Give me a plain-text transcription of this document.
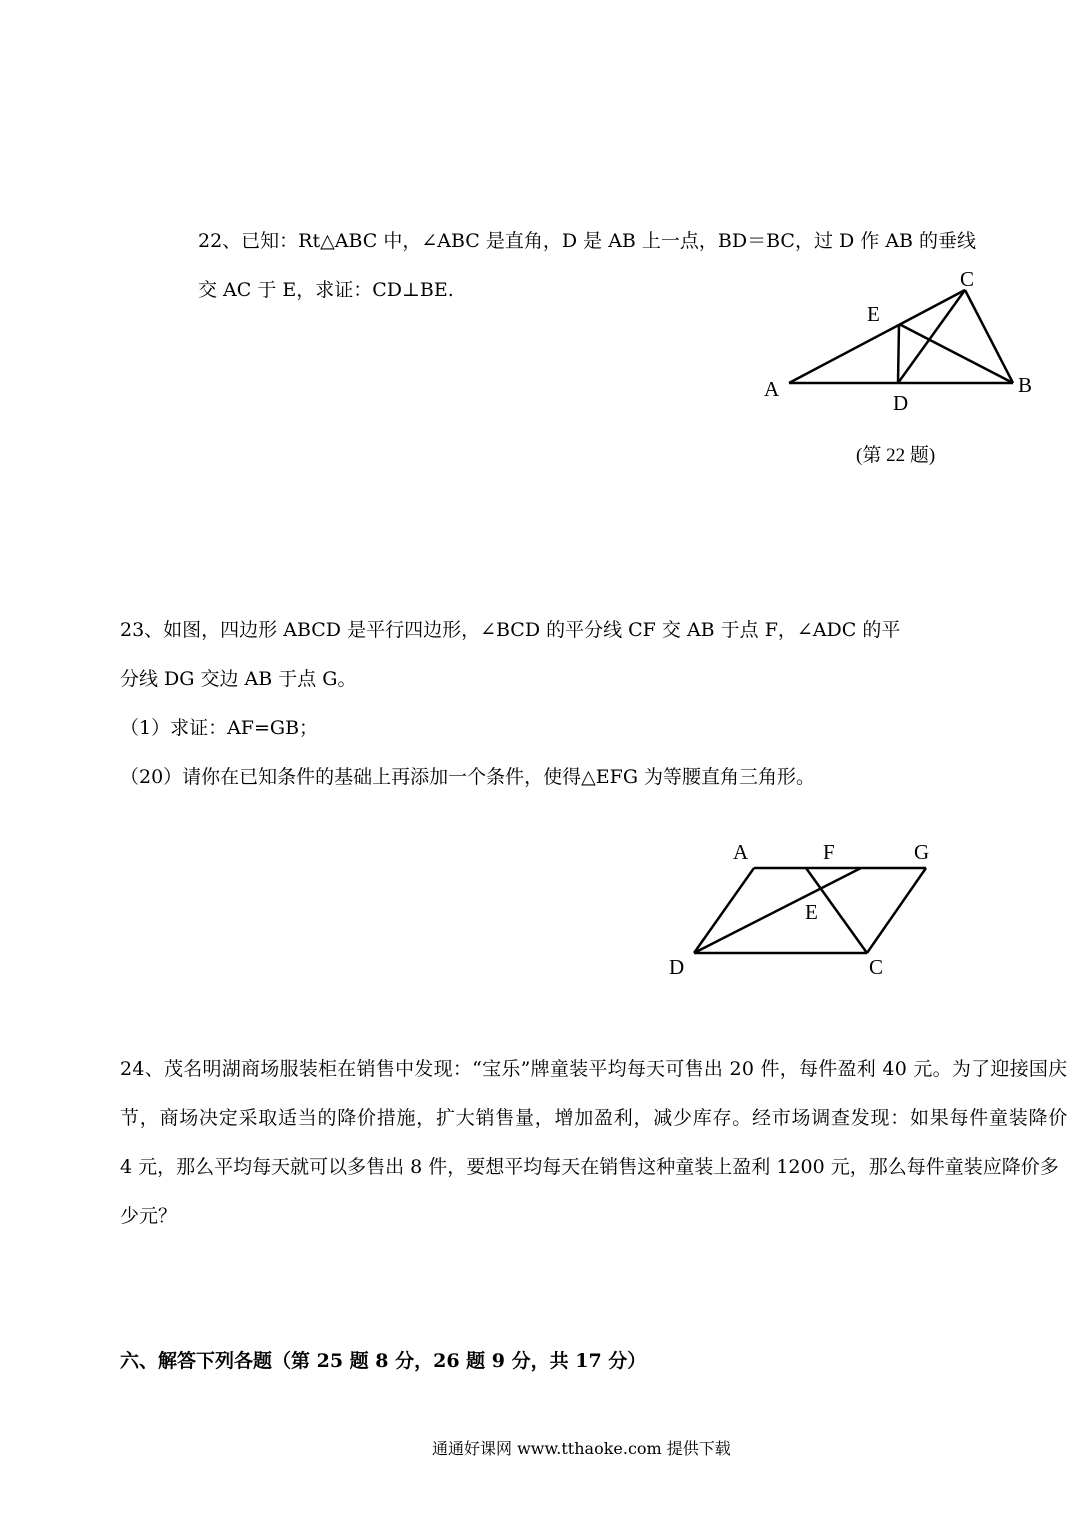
22、已知：Rt△ABC 中，∠ABC 是直角，D 是 AB 上一点，BD＝BC，过 D 作 AB 的垂线
交 AC 于 E，求证：CD⊥BE.	C
E
A
D
B
(第 22 题)
23、如图，四边形 ABCD 是平行四边形，∠BCD 的平分线 CF 交 AB 于点 F，∠ADC 的平
分线 DG 交边 AB 于点 G。
（1）求证：AF=GB；
（20）请你在已知条件的基础上再添加一个条件，使得△EFG 为等腰直角三角形。
A	F	G
E
D	C
24、茂名明湖商场服装柜在销售中发现：“宝乐”牌童装平均每天可售出 20 件，每件盈利 40 元。为了迎接国庆
节，商场决定采取适当的降价措施，扩大销售量，增加盈利，减少库存。经市场调查发现：如果每件童装降价
4 元，那么平均每天就可以多售出 8 件，要想平均每天在销售这种童装上盈利 1200 元，那么每件童装应降价多
少元？
六、解答下列各题（第 25 题 8 分，26 题 9 分，共 17 分）
通通好课网 www.tthaoke.com 提供下载
